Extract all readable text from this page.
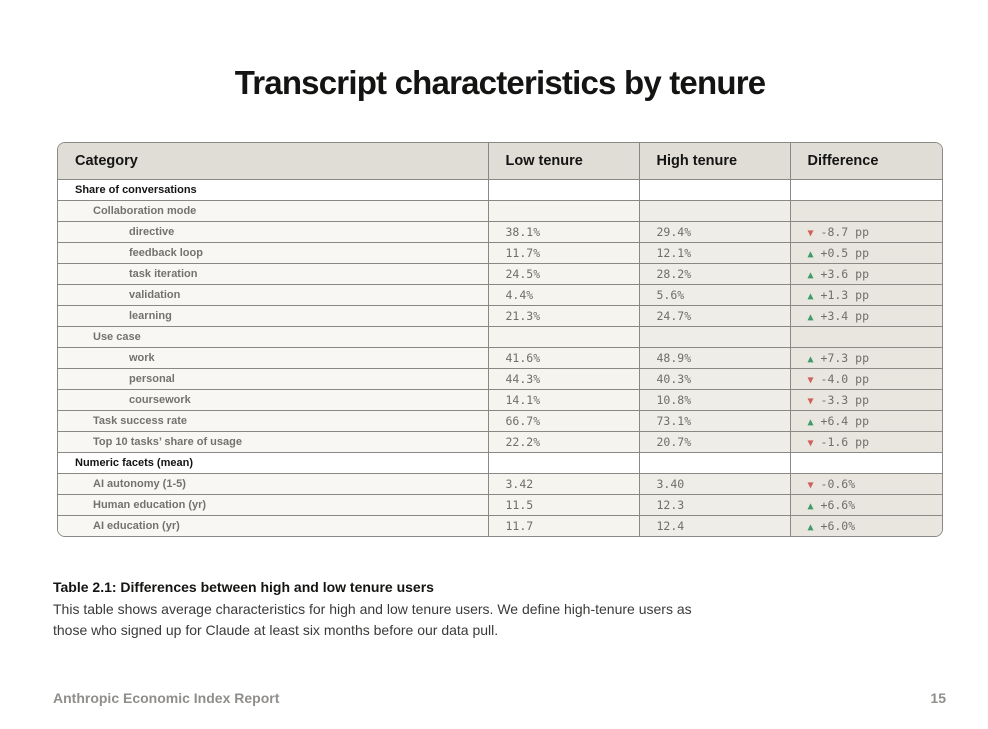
Transcript characteristics by tenure
Category	Low tenure	High tenure	Difference
Share of conversations			
Collaboration mode			
directive	38.1%	29.4%	▼ -8.7 pp
feedback loop	11.7%	12.1%	▲ +0.5 pp
task iteration	24.5%	28.2%	▲ +3.6 pp
validation	4.4%	5.6%	▲ +1.3 pp
learning	21.3%	24.7%	▲ +3.4 pp
Use case			
work	41.6%	48.9%	▲ +7.3 pp
personal	44.3%	40.3%	▼ -4.0 pp
coursework	14.1%	10.8%	▼ -3.3 pp
Task success rate	66.7%	73.1%	▲ +6.4 pp
Top 10 tasks’ share of usage	22.2%	20.7%	▼ -1.6 pp
Numeric facets (mean)			
AI autonomy (1-5)	3.42	3.40	▼ -0.6%
Human education (yr)	11.5	12.3	▲ +6.6%
AI education (yr)	11.7	12.4	▲ +6.0%
Table 2.1: Differences between high and low tenure users
This table shows average characteristics for high and low tenure users. We define high-tenure users as those who signed up for Claude at least six months before our data pull.
Anthropic Economic Index Report	15
